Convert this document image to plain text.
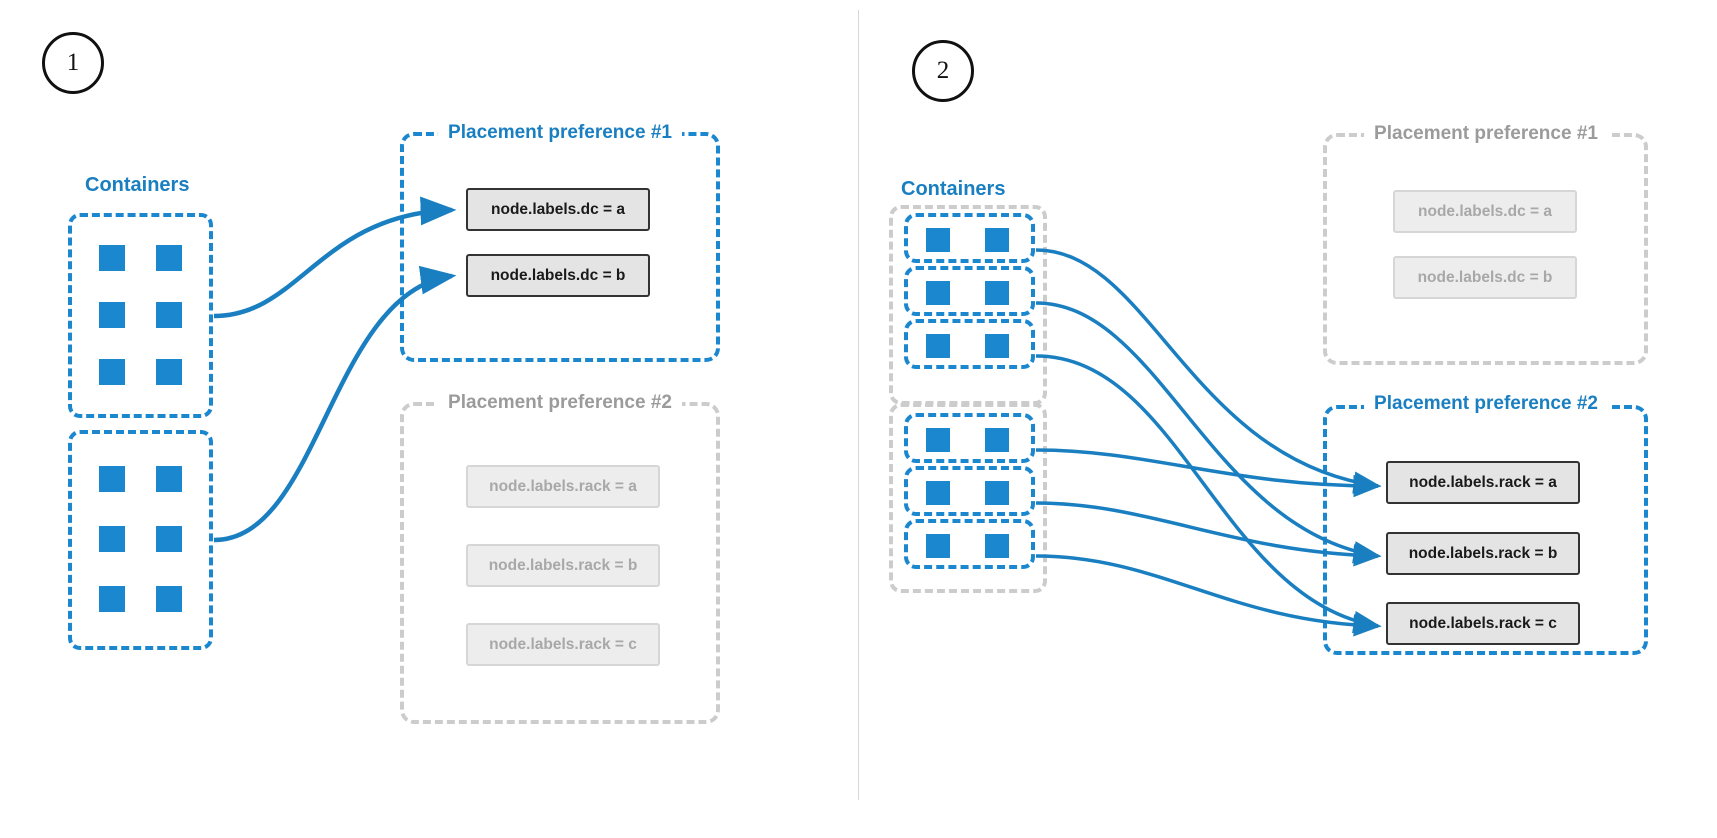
1
Containers
Placement preference #1
node.labels.dc = a
node.labels.dc = b
Placement preference #2
node.labels.rack = a
node.labels.rack = b
node.labels.rack = c
2
Containers
Placement preference #1
node.labels.dc = a
node.labels.dc = b
Placement preference #2
node.labels.rack = a
node.labels.rack = b
node.labels.rack = c
